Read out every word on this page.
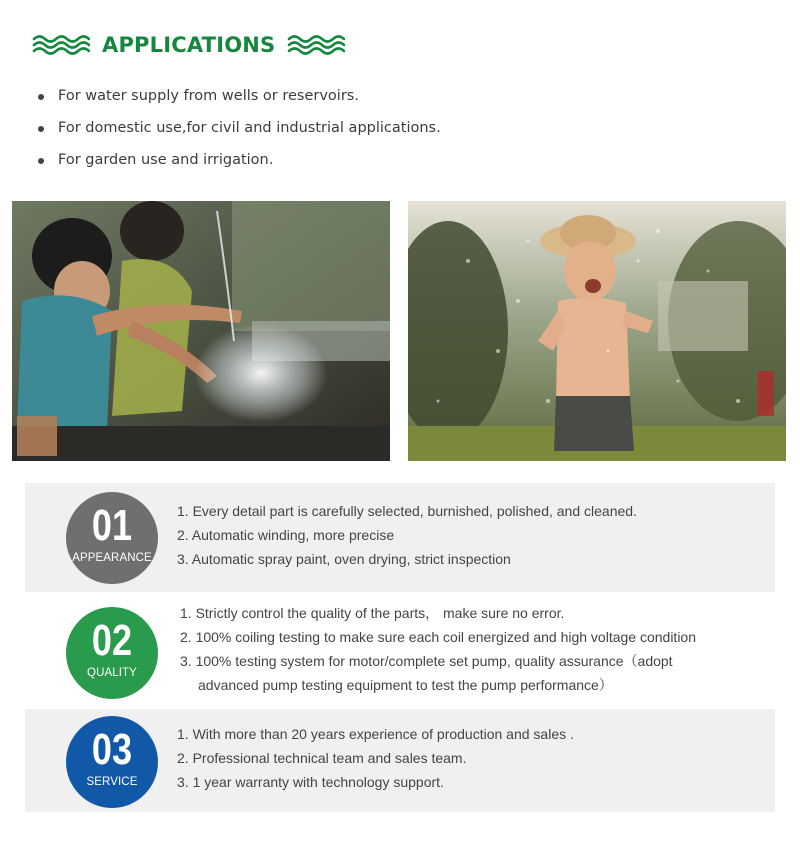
APPLICATIONS
For water supply from wells or reservoirs.
For domestic use,for civil and industrial applications.
For garden use and irrigation.
01
APPEARANCE
1. Every detail part is carefully selected, burnished, polished, and cleaned.
2. Automatic winding, more precise
3. Automatic spray paint, oven drying, strict inspection
02
QUALITY
1. Strictly control the quality of the parts， make sure no error.
2. 100% coiling testing to make sure each coil energized and high voltage condition
3. 100% testing system for motor/complete set pump, quality assurance（adopt
advanced pump testing equipment to test the pump performance）
03
SERVICE
1. With more than 20 years experience of production and sales .
2. Professional technical team and sales team.
3. 1 year warranty with technology support.
